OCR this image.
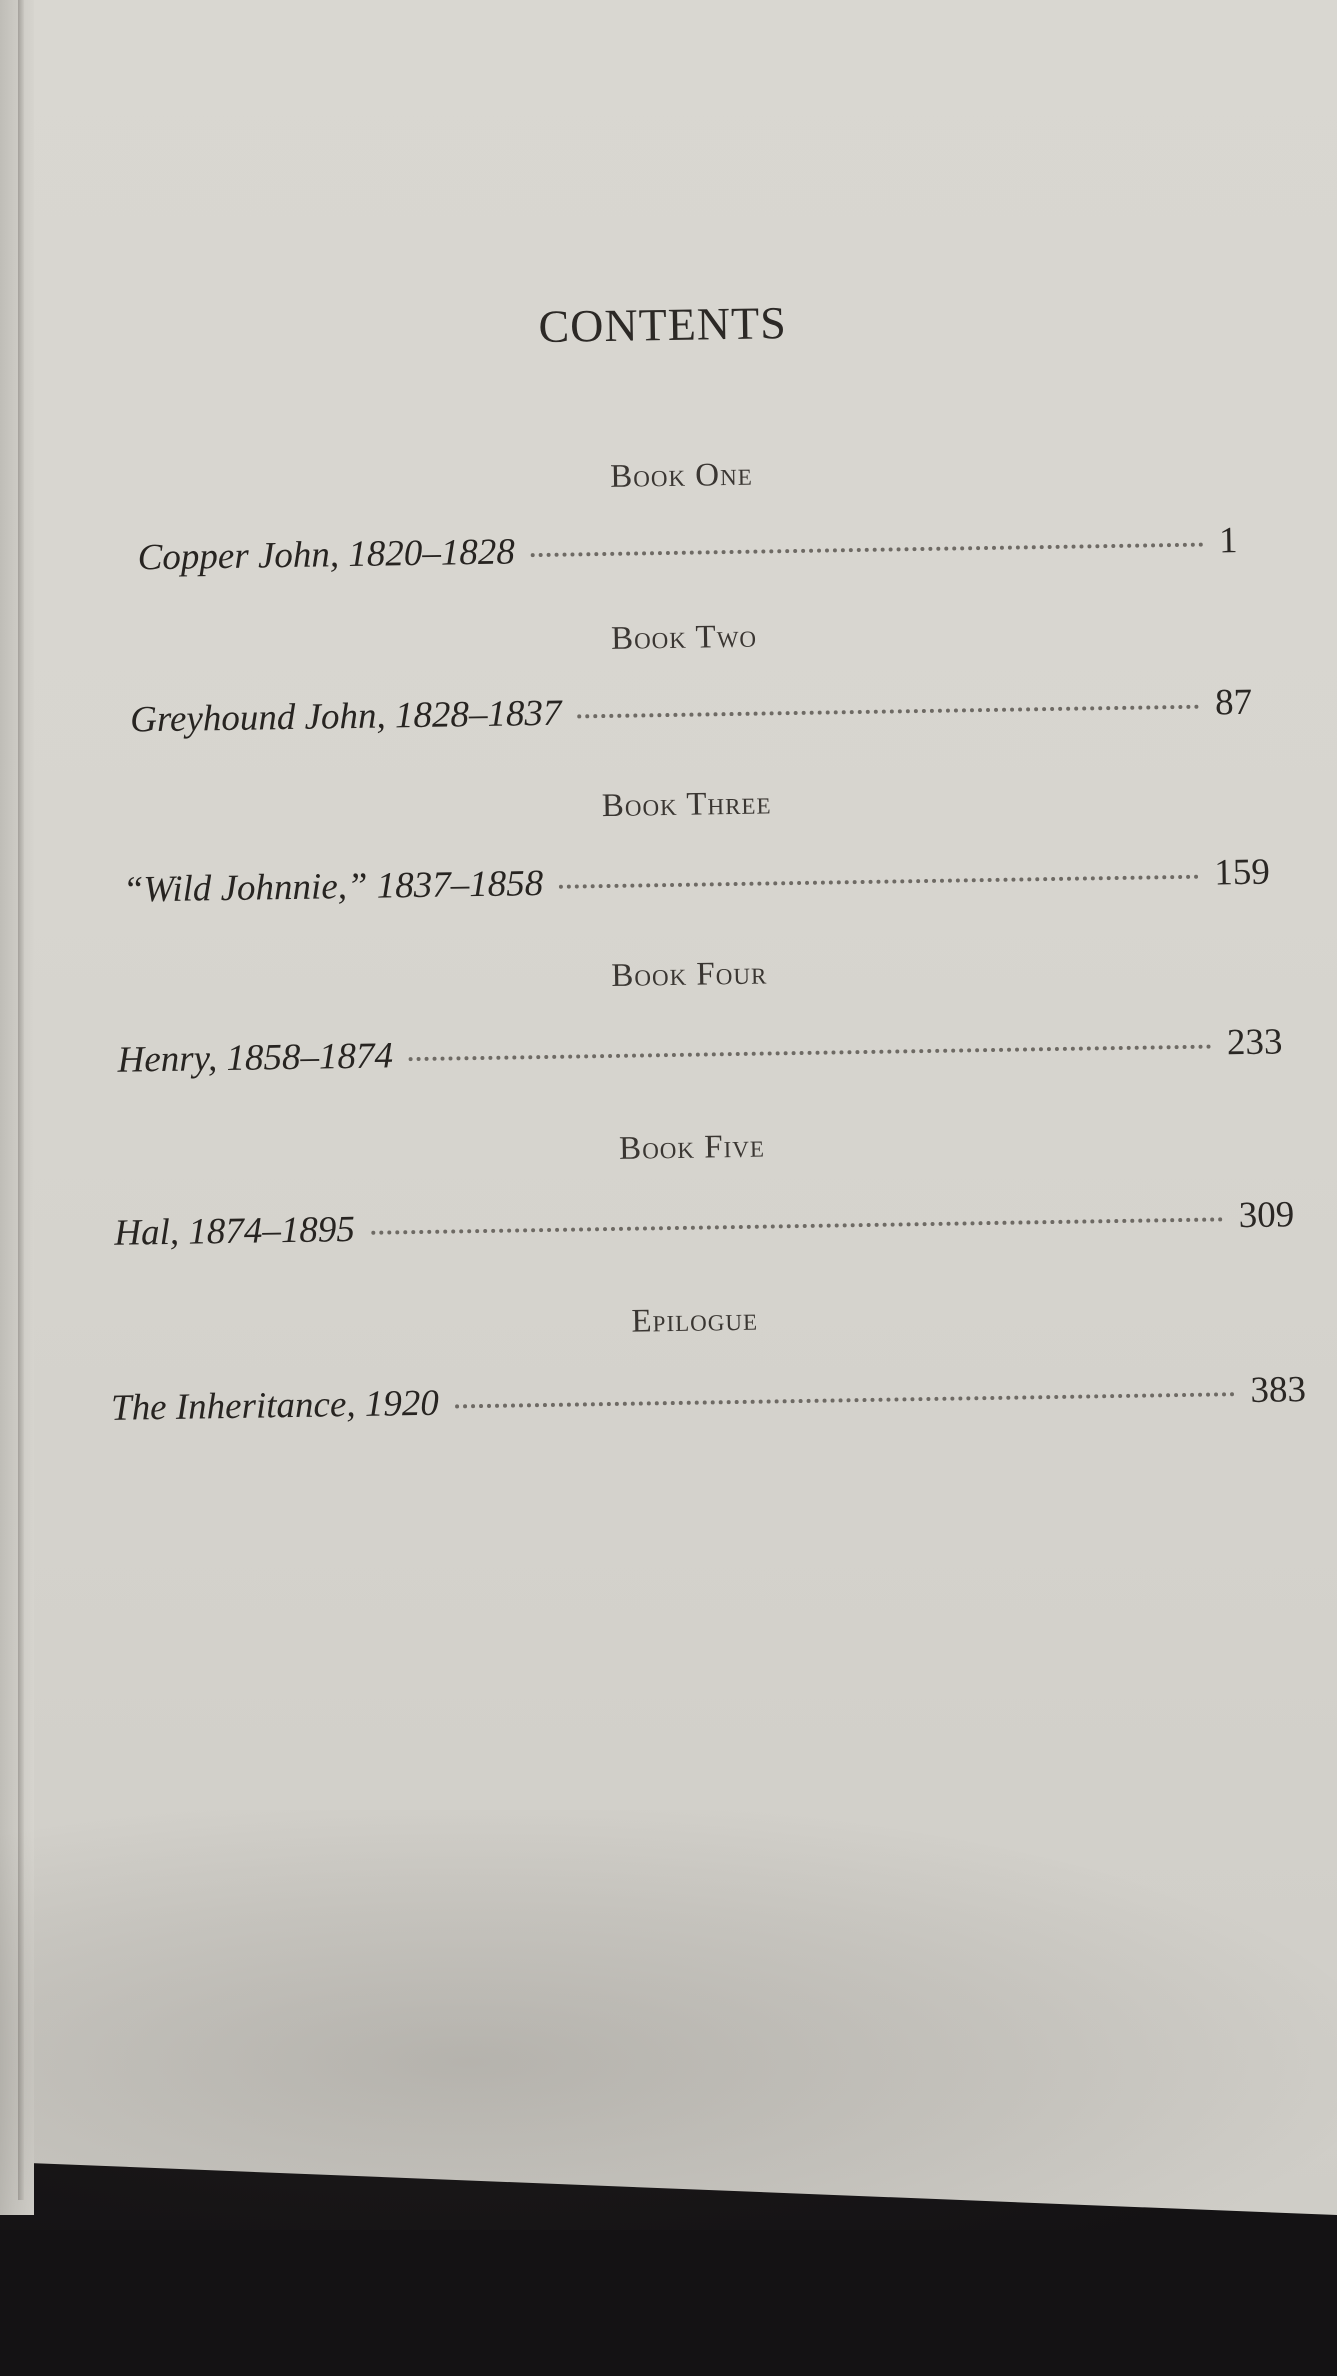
CONTENTS
Book One
Copper John, 1820–1828	1
Book Two
Greyhound John, 1828–1837	87
Book Three
“Wild Johnnie,” 1837–1858	159
Book Four
Henry, 1858–1874	233
Book Five
Hal, 1874–1895	309
Epilogue
The Inheritance, 1920	383
